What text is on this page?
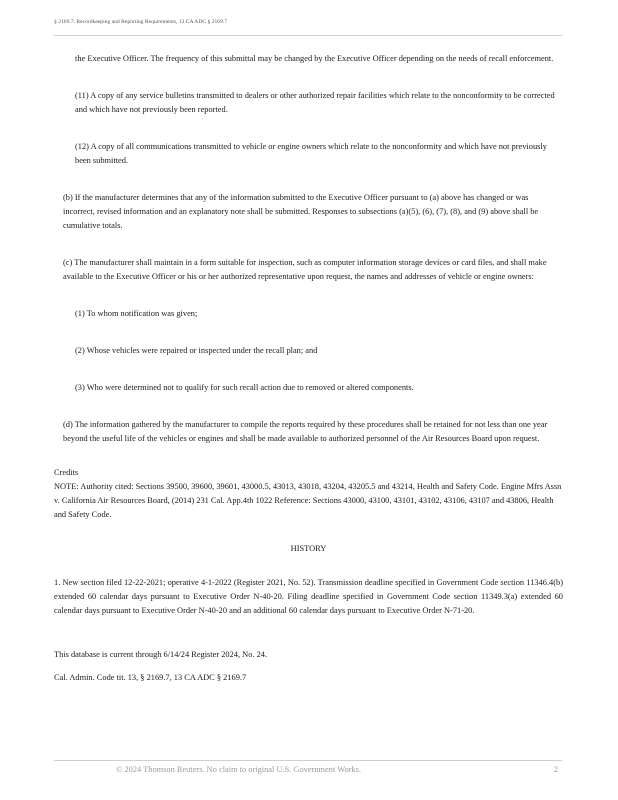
§ 2169.7. Recordkeeping and Reporting Requirements, 13 CA ADC § 2169.7

the Executive Officer. The frequency of this submittal may be changed by the Executive Officer depending on the needs of recall enforcement.

(11) A copy of any service bulletins transmitted to dealers or other authorized repair facilities which relate to the nonconformity to be corrected and which have not previously been reported.

(12) A copy of all communications transmitted to vehicle or engine owners which relate to the nonconformity and which have not previously been submitted.

(b) If the manufacturer determines that any of the information submitted to the Executive Officer pursuant to (a) above has changed or was incorrect, revised information and an explanatory note shall be submitted. Responses to subsections (a)(5), (6), (7), (8), and (9) above shall be cumulative totals.

(c) The manufacturer shall maintain in a form suitable for inspection, such as computer information storage devices or card files, and shall make available to the Executive Officer or his or her authorized representative upon request, the names and addresses of vehicle or engine owners:

(1) To whom notification was given;

(2) Whose vehicles were repaired or inspected under the recall plan; and

(3) Who were determined not to qualify for such recall action due to removed or altered components.

(d) The information gathered by the manufacturer to compile the reports required by these procedures shall be retained for not less than one year beyond the useful life of the vehicles or engines and shall be made available to authorized personnel of the Air Resources Board upon request.

Credits

NOTE: Authority cited: Sections 39500, 39600, 39601, 43000.5, 43013, 43018, 43204, 43205.5 and 43214, Health and Safety Code. Engine Mfrs Assn v. California Air Resources Board, (2014) 231 Cal. App.4th 1022 Reference: Sections 43000, 43100, 43101, 43102, 43106, 43107 and 43806, Health and Safety Code.

HISTORY

1. New section filed 12-22-2021; operative 4-1-2022 (Register 2021, No. 52). Transmission deadline specified in Government Code section 11346.4(b) extended 60 calendar days pursuant to Executive Order N-40-20. Filing deadline specified in Government Code section 11349.3(a) extended 60 calendar days pursuant to Executive Order N-40-20 and an additional 60 calendar days pursuant to Executive Order N-71-20.

This database is current through 6/14/24 Register 2024, No. 24.

Cal. Admin. Code tit. 13, § 2169.7, 13 CA ADC § 2169.7

© 2024 Thomson Reuters. No claim to original U.S. Government Works.	2
